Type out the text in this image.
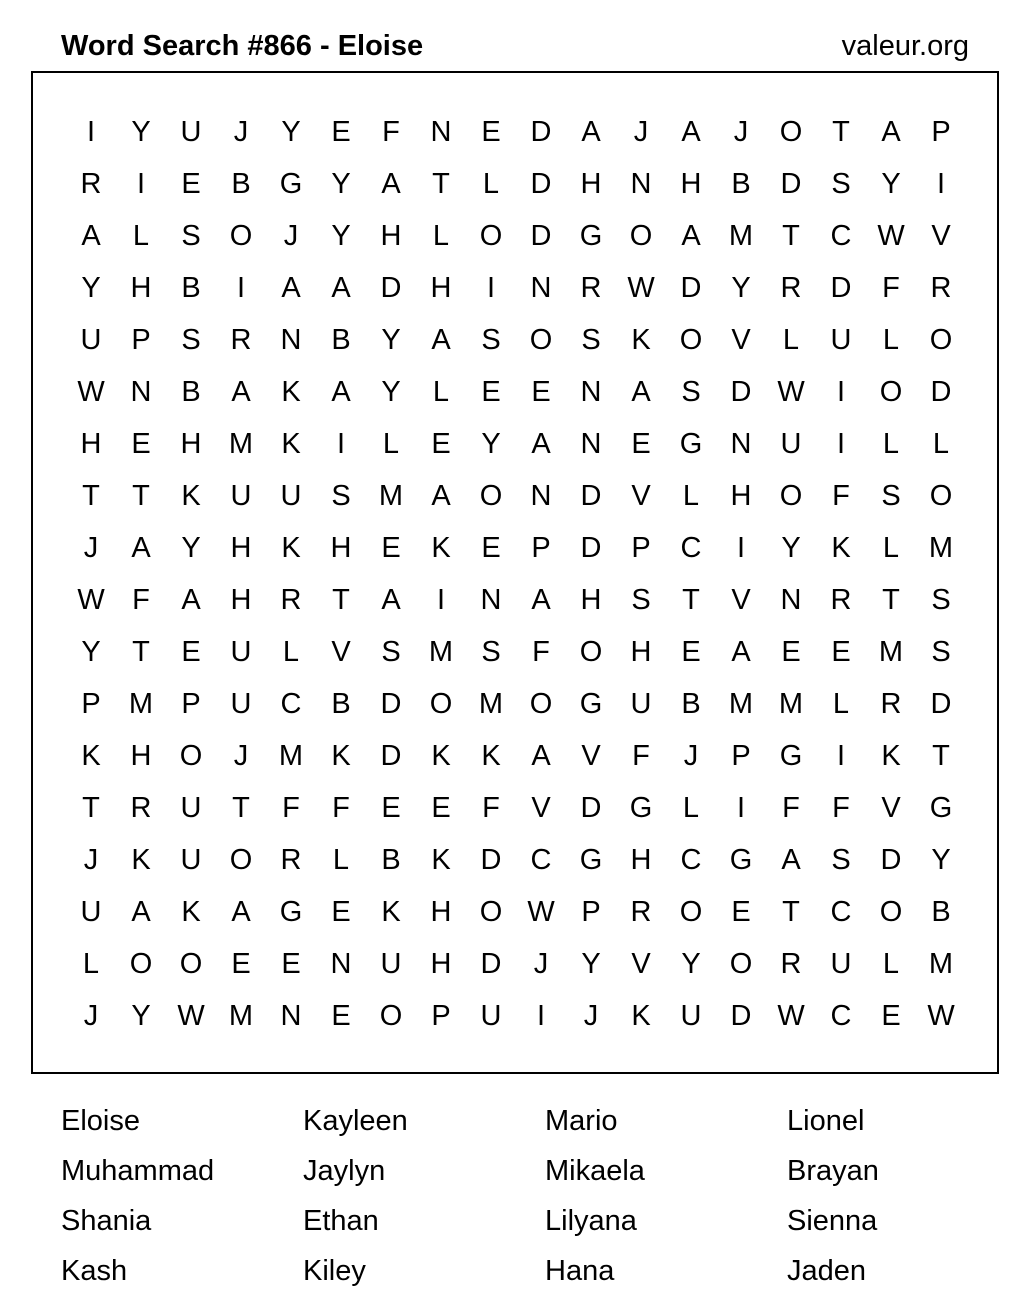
Word Search #866 - Eloise	valeur.org
I	Y	U	J	Y	E	F	N	E	D	A	J	A	J	O	T	A	P
R	I	E	B	G	Y	A	T	L	D	H	N	H	B	D	S	Y	I
A	L	S	O	J	Y	H	L	O D G O	A M	T	C W V
Y	H	B	I	A	A	D	H	I	N	R W D	Y	R	D	F	R
U	P	S	R	N	B	Y	A	S	O	S	K	O	V	L	U	L	O
W N	B	A	K	A	Y	L	E	E	N	A	S	D W	I	O D
H	E	H M K	I	L	E	Y	A	N	E	G N	U	I	L	L
T	T	K	U	U	S M A	O N	D	V	L	H O	F	S	O
J	A	Y	H	K	H	E	K	E	P	D	P	C	I	Y	K	L	M
W F	A	H	R	T	A	I	N	A	H	S	T	V	N	R	T	S
Y	T	E	U	L	V	S M S	F	O H	E	A	E	E M S
P M P	U	C	B	D O M O G U	B M M	L	R	D
K	H O	J	M K	D	K	K	A	V	F	J	P	G	I	K	T
T	R	U	T	F	F	E	E	F	V	D G	L	I	F	F	V	G
J	K	U O R	L	B	K	D	C G H	C G	A	S	D	Y
U	A	K	A	G	E	K	H O W P	R O	E	T	C O	B
L	O O	E	E	N	U	H	D	J	Y	V	Y	O R	U	L	M
J	Y W M N	E	O	P	U	I	J	K	U	D W C	E W
Eloise	Kayleen	Mario	Lionel
Muhammad	Jaylyn	Mikaela	Brayan
Shania	Ethan	Lilyana	Sienna
Kash	Kiley	Hana	Jaden
